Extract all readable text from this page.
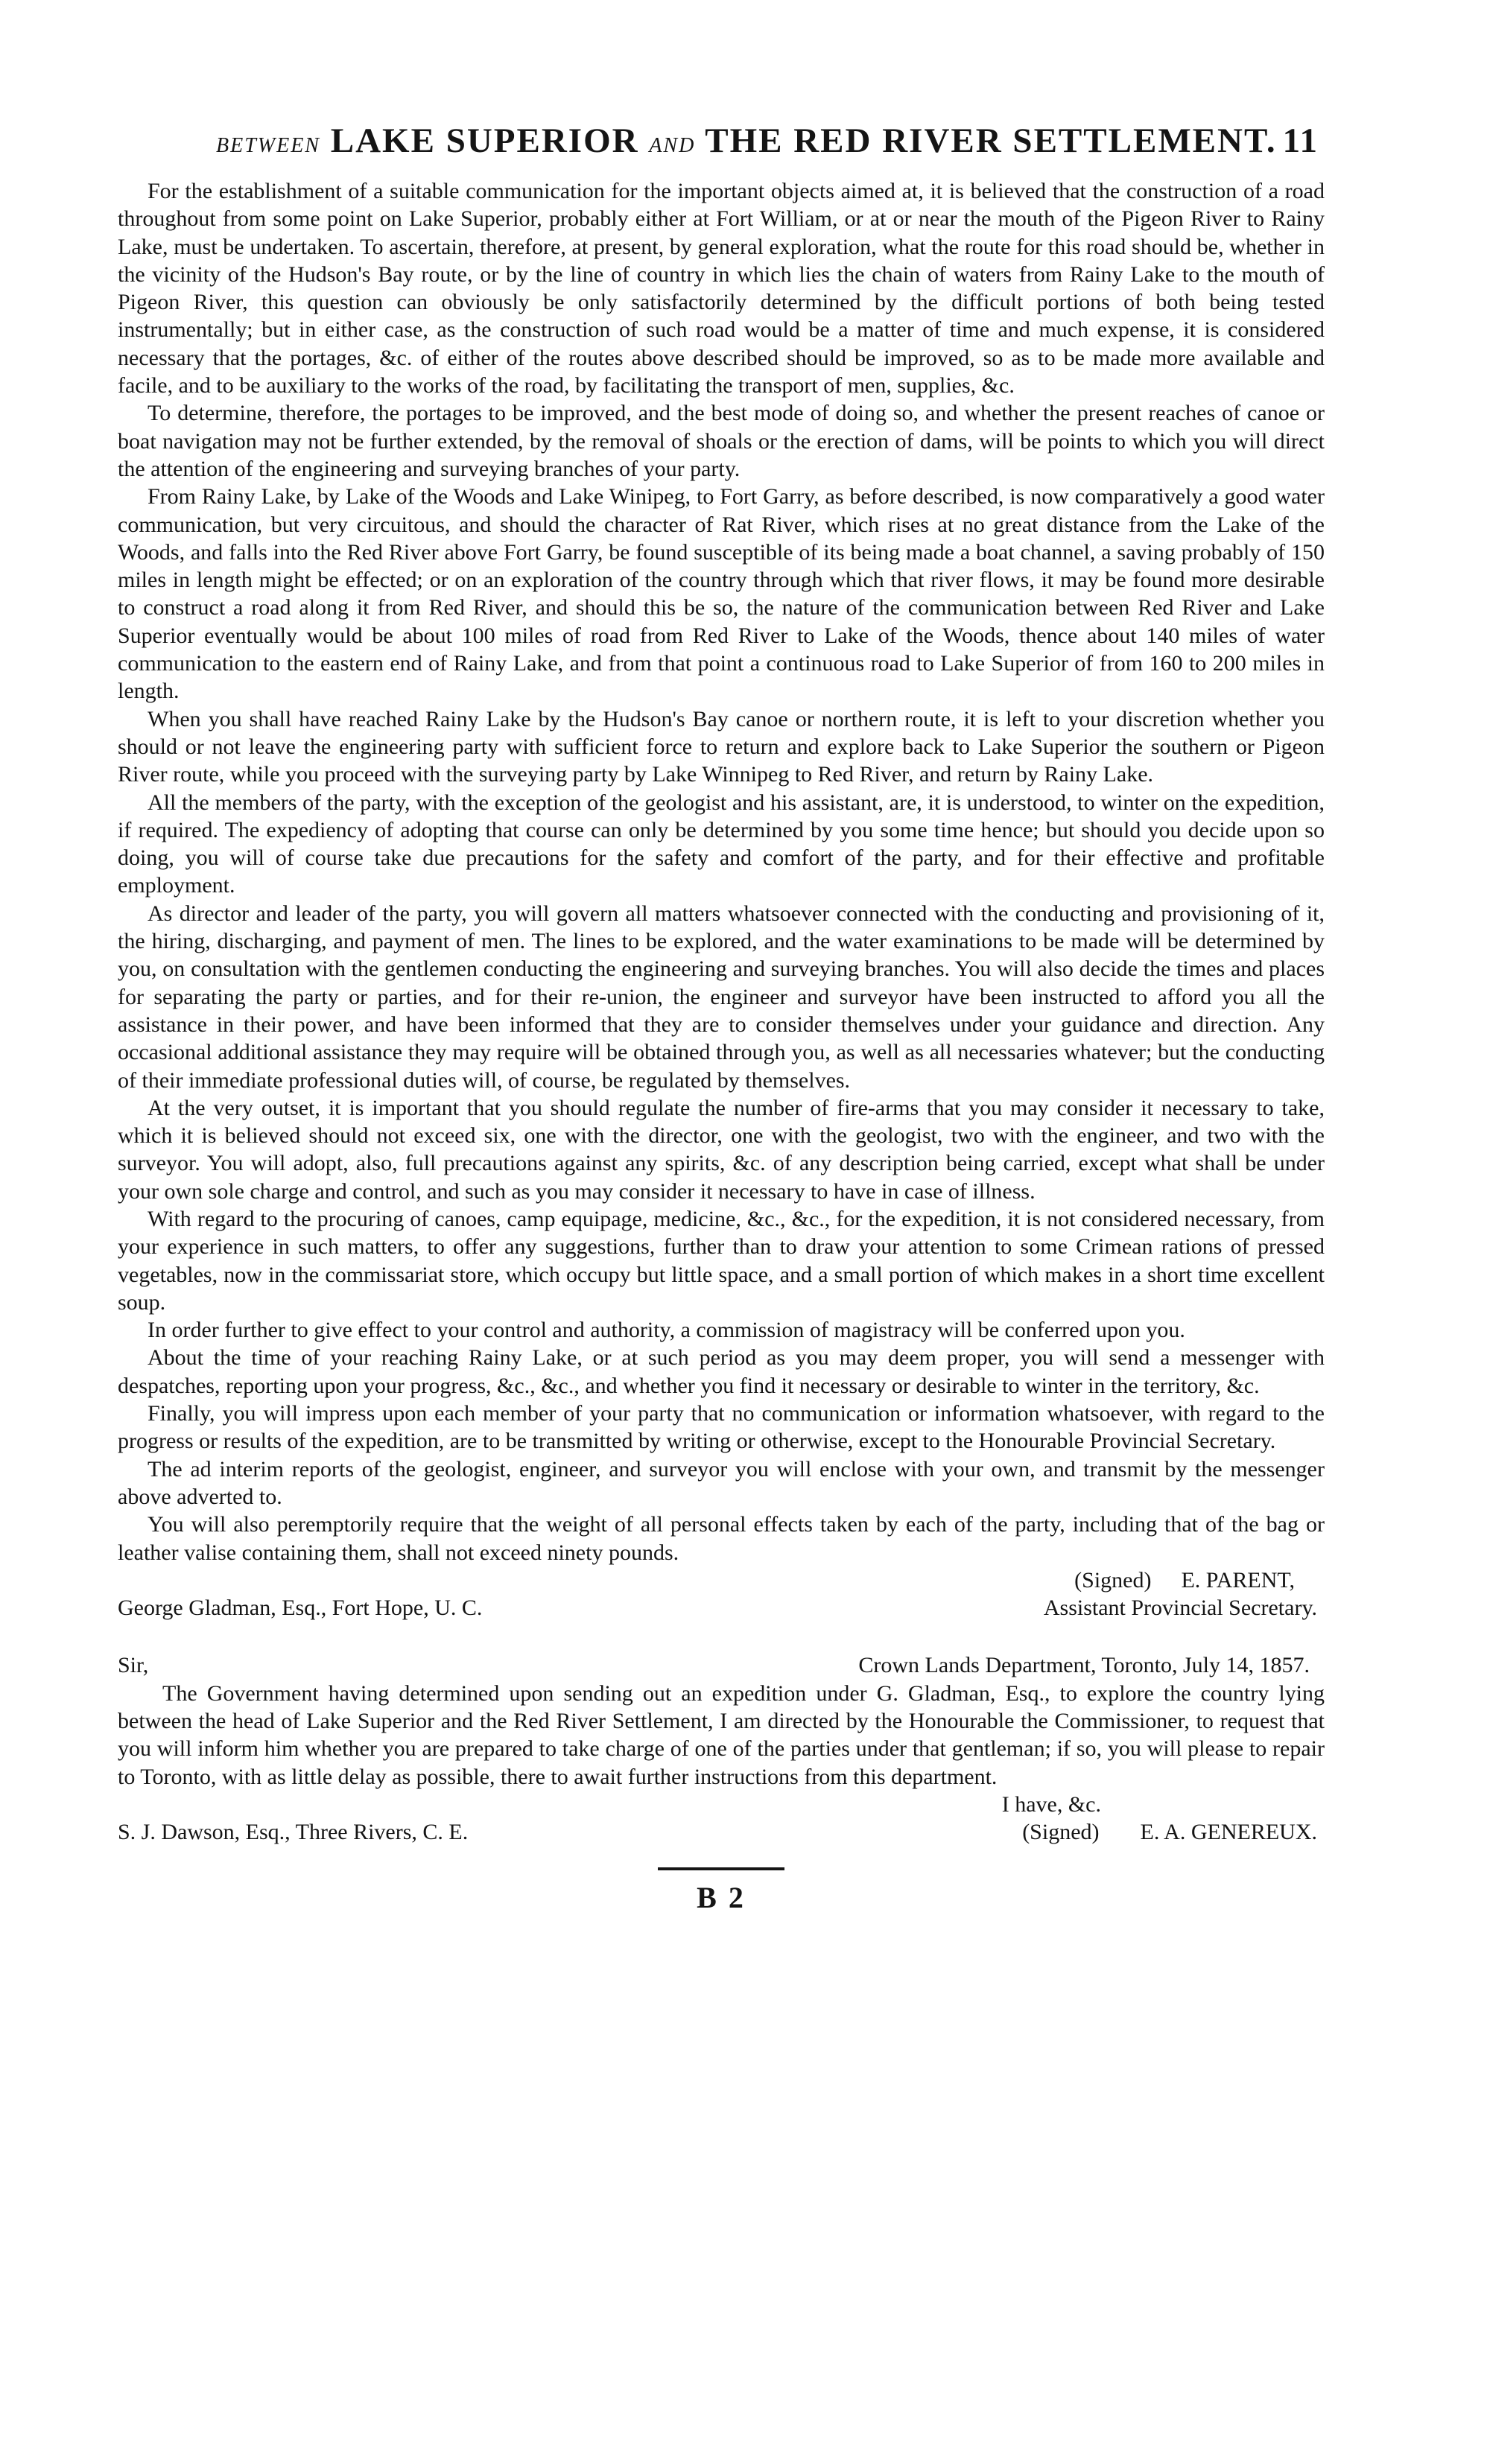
between LAKE SUPERIOR and THE RED RIVER SETTLEMENT. 11

For the establishment of a suitable communication for the important objects aimed at, it is believed that the construction of a road throughout from some point on Lake Superior, probably either at Fort William, or at or near the mouth of the Pigeon River to Rainy Lake, must be undertaken. To ascertain, therefore, at present, by general exploration, what the route for this road should be, whether in the vicinity of the Hudson's Bay route, or by the line of country in which lies the chain of waters from Rainy Lake to the mouth of Pigeon River, this question can obviously be only satisfactorily determined by the difficult portions of both being tested instrumentally; but in either case, as the construction of such road would be a matter of time and much expense, it is considered necessary that the portages, &c. of either of the routes above described should be improved, so as to be made more available and facile, and to be auxiliary to the works of the road, by facilitating the transport of men, supplies, &c.

To determine, therefore, the portages to be improved, and the best mode of doing so, and whether the present reaches of canoe or boat navigation may not be further extended, by the removal of shoals or the erection of dams, will be points to which you will direct the attention of the engineering and surveying branches of your party.

From Rainy Lake, by Lake of the Woods and Lake Winipeg, to Fort Garry, as before described, is now comparatively a good water communication, but very circuitous, and should the character of Rat River, which rises at no great distance from the Lake of the Woods, and falls into the Red River above Fort Garry, be found susceptible of its being made a boat channel, a saving probably of 150 miles in length might be effected; or on an exploration of the country through which that river flows, it may be found more desirable to construct a road along it from Red River, and should this be so, the nature of the communication between Red River and Lake Superior eventually would be about 100 miles of road from Red River to Lake of the Woods, thence about 140 miles of water communication to the eastern end of Rainy Lake, and from that point a continuous road to Lake Superior of from 160 to 200 miles in length.

When you shall have reached Rainy Lake by the Hudson's Bay canoe or northern route, it is left to your discretion whether you should or not leave the engineering party with sufficient force to return and explore back to Lake Superior the southern or Pigeon River route, while you proceed with the surveying party by Lake Winnipeg to Red River, and return by Rainy Lake.

All the members of the party, with the exception of the geologist and his assistant, are, it is understood, to winter on the expedition, if required. The expediency of adopting that course can only be determined by you some time hence; but should you decide upon so doing, you will of course take due precautions for the safety and comfort of the party, and for their effective and profitable employment.

As director and leader of the party, you will govern all matters whatsoever connected with the conducting and provisioning of it, the hiring, discharging, and payment of men. The lines to be explored, and the water examinations to be made will be determined by you, on consultation with the gentlemen conducting the engineering and surveying branches. You will also decide the times and places for separating the party or parties, and for their re-union, the engineer and surveyor have been instructed to afford you all the assistance in their power, and have been informed that they are to consider themselves under your guidance and direction. Any occasional additional assistance they may require will be obtained through you, as well as all necessaries whatever; but the conducting of their immediate professional duties will, of course, be regulated by themselves.

At the very outset, it is important that you should regulate the number of fire-arms that you may consider it necessary to take, which it is believed should not exceed six, one with the director, one with the geologist, two with the engineer, and two with the surveyor. You will adopt, also, full precautions against any spirits, &c. of any description being carried, except what shall be under your own sole charge and control, and such as you may consider it necessary to have in case of illness.

With regard to the procuring of canoes, camp equipage, medicine, &c., &c., for the expedition, it is not considered necessary, from your experience in such matters, to offer any suggestions, further than to draw your attention to some Crimean rations of pressed vegetables, now in the commissariat store, which occupy but little space, and a small portion of which makes in a short time excellent soup.

In order further to give effect to your control and authority, a commission of magistracy will be conferred upon you.

About the time of your reaching Rainy Lake, or at such period as you may deem proper, you will send a messenger with despatches, reporting upon your progress, &c., &c., and whether you find it necessary or desirable to winter in the territory, &c.

Finally, you will impress upon each member of your party that no communication or information whatsoever, with regard to the progress or results of the expedition, are to be transmitted by writing or otherwise, except to the Honourable Provincial Secretary.

The ad interim reports of the geologist, engineer, and surveyor you will enclose with your own, and transmit by the messenger above adverted to.

You will also peremptorily require that the weight of all personal effects taken by each of the party, including that of the bag or leather valise containing them, shall not exceed ninety pounds.

(Signed) E. PARENT,
George Gladman, Esq., Fort Hope, U. C.	Assistant Provincial Secretary.
Sir,	Crown Lands Department, Toronto, July 14, 1857.

The Government having determined upon sending out an expedition under G. Gladman, Esq., to explore the country lying between the head of Lake Superior and the Red River Settlement, I am directed by the Honourable the Commissioner, to request that you will inform him whether you are prepared to take charge of one of the parties under that gentleman; if so, you will please to repair to Toronto, with as little delay as possible, there to await further instructions from this department.

I have, &c.
S. J. Dawson, Esq., Three Rivers, C. E.	(Signed) E. A. GENEREUX.
B 2
